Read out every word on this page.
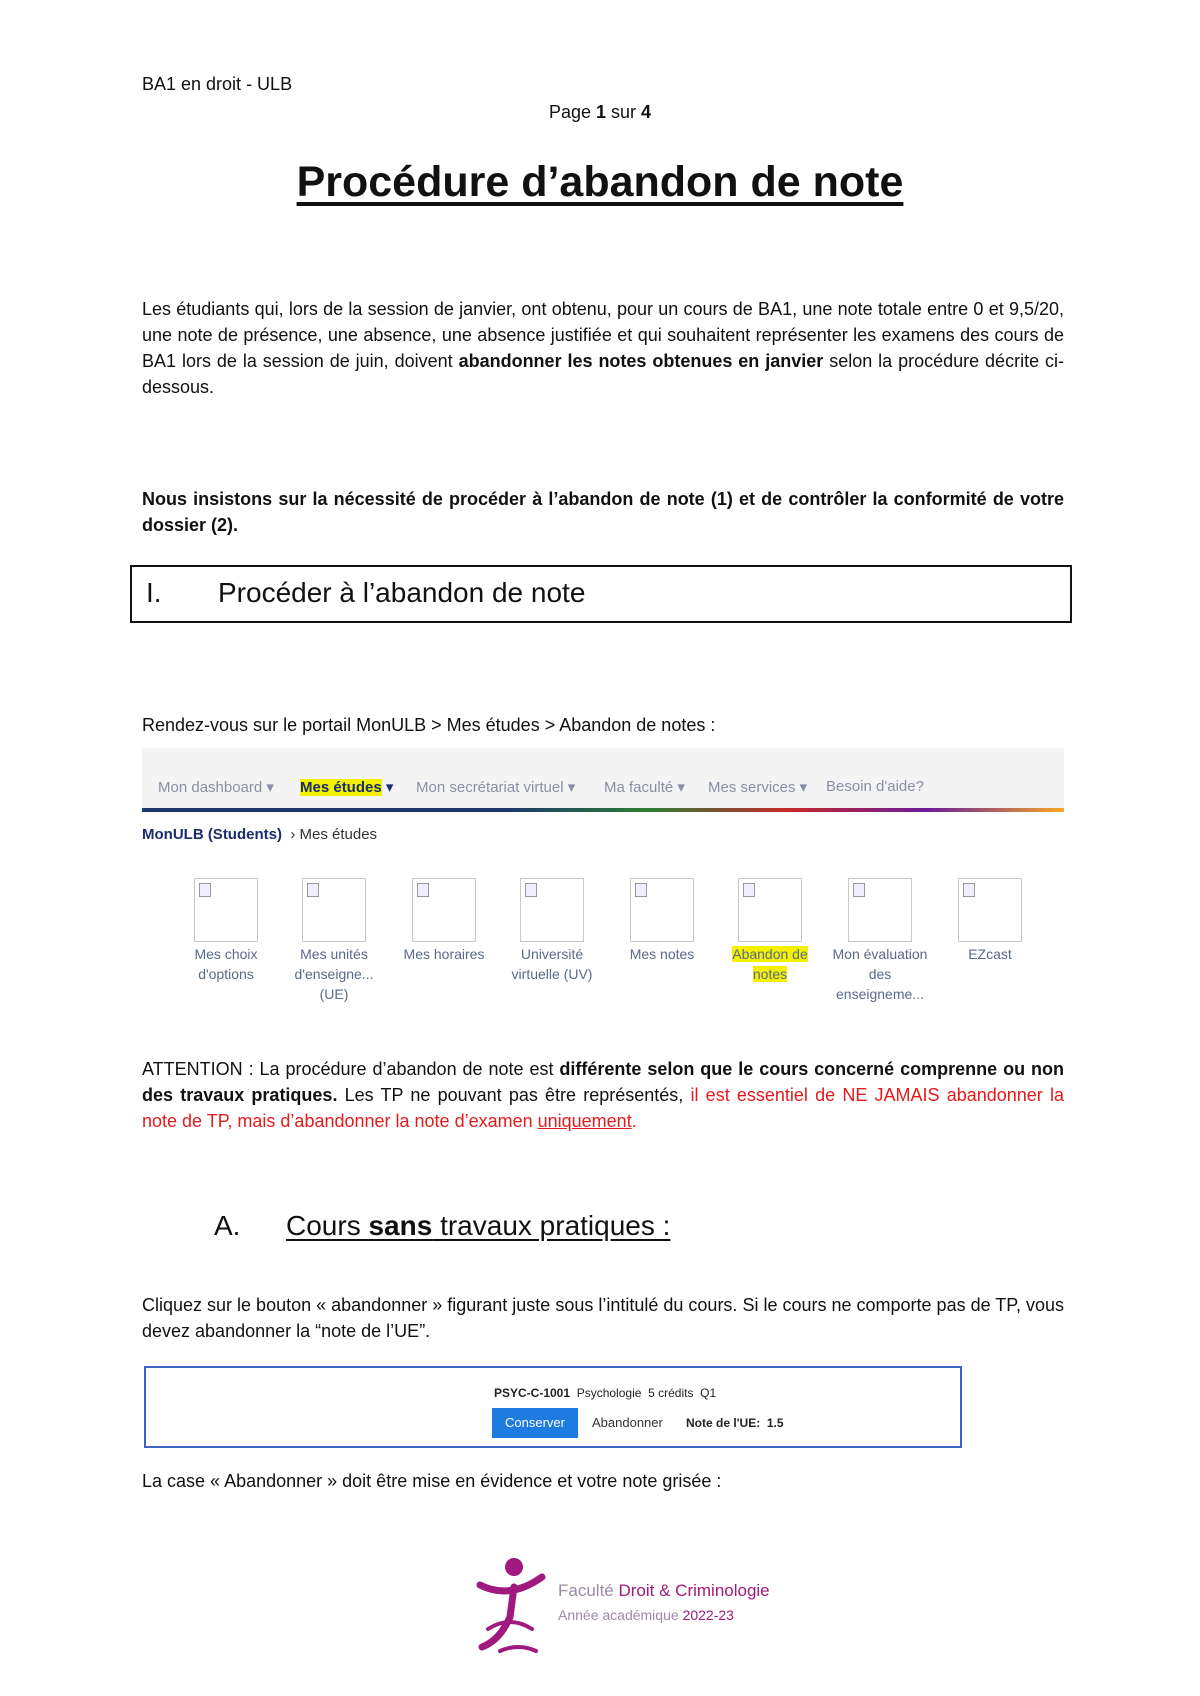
BA1 en droit - ULB
Page 1 sur 4
Procédure d’abandon de note
Les étudiants qui, lors de la session de janvier, ont obtenu, pour un cours de BA1, une note totale entre 0 et 9,5/20, une note de présence, une absence, une absence justifiée et qui souhaitent représenter les examens des cours de BA1 lors de la session de juin, doivent abandonner les notes obtenues en janvier selon la procédure décrite ci-dessous.
Nous insistons sur la nécessité de procéder à l’abandon de note (1) et de contrôler la conformité de votre dossier (2).
I. Procéder à l’abandon de note
Rendez-vous sur le portail MonULB > Mes études > Abandon de notes :
Mon dashboard ▾ Mes études ▾ Mon secrétariat virtuel ▾ Ma faculté ▾ Mes services ▾ Besoin d'aide?
MonULB (Students) › Mes études
Mes choix d'options
Mes unités d'enseigne... (UE)
Mes horaires	Université virtuelle (UV)
Mes notes	Abandon de notes
Mon évaluation des enseigneme...
EZcast
ATTENTION : La procédure d’abandon de note est différente selon que le cours concerné comprenne ou non des travaux pratiques. Les TP ne pouvant pas être représentés, il est essentiel de NE JAMAIS abandonner la note de TP, mais d’abandonner la note d’examen uniquement.
A. Cours sans travaux pratiques :
Cliquez sur le bouton « abandonner » figurant juste sous l’intitulé du cours. Si le cours ne comporte pas de TP, vous devez abandonner la “note de l’UE”.
PSYC-C-1001 Psychologie 5 crédits Q1
Conserver	Abandonner	Note de l'UE: 1.5
La case « Abandonner » doit être mise en évidence et votre note grisée :
Faculté Droit & Criminologie
Année académique 2022-23
